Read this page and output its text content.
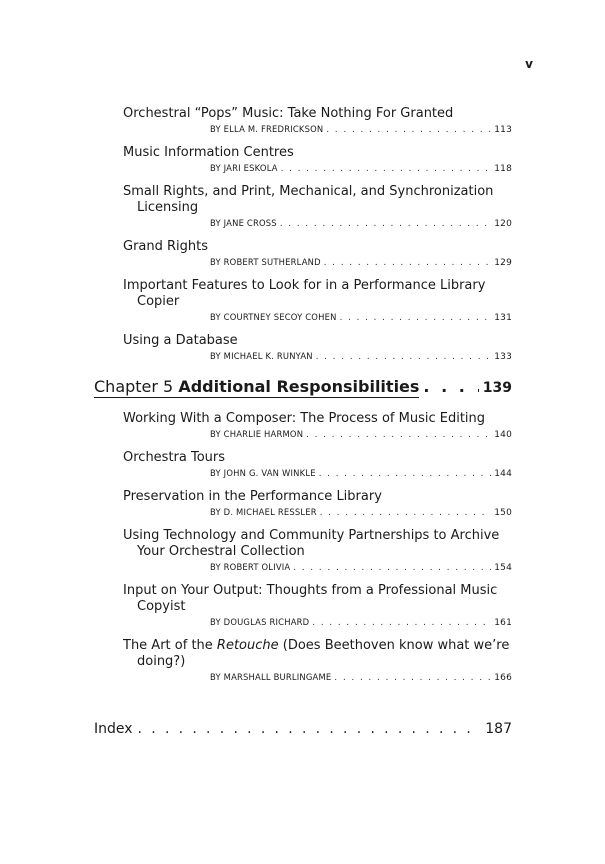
v
Orchestral “Pops” Music: Take Nothing For Granted
BY ELLA M. FREDRICKSON . . .	113
Music Information Centres
BY JARI ESKOLA . . .	118
Small Rights, and Print, Mechanical, and Synchronization Licensing
BY JANE CROSS . . .	120
Grand Rights
BY ROBERT SUTHERLAND . . .	129
Important Features to Look for in a Performance Library Copier
BY COURTNEY SECOY COHEN . . .	131
Using a Database
BY MICHAEL K. RUNYAN . . .	133
Chapter 5 Additional Responsibilities . . .	139
Working With a Composer: The Process of Music Editing
BY CHARLIE HARMON . . .	140
Orchestra Tours
BY JOHN G. VAN WINKLE . . .	144
Preservation in the Performance Library
BY D. MICHAEL RESSLER . . .	150
Using Technology and Community Partnerships to Archive Your Orchestral Collection
BY ROBERT OLIVIA . . .	154
Input on Your Output: Thoughts from a Professional Music Copyist
BY DOUGLAS RICHARD . . .	161
The Art of the Retouche (Does Beethoven know what we’re doing?)
BY MARSHALL BURLINGAME . . .	166
Index . . .	187
